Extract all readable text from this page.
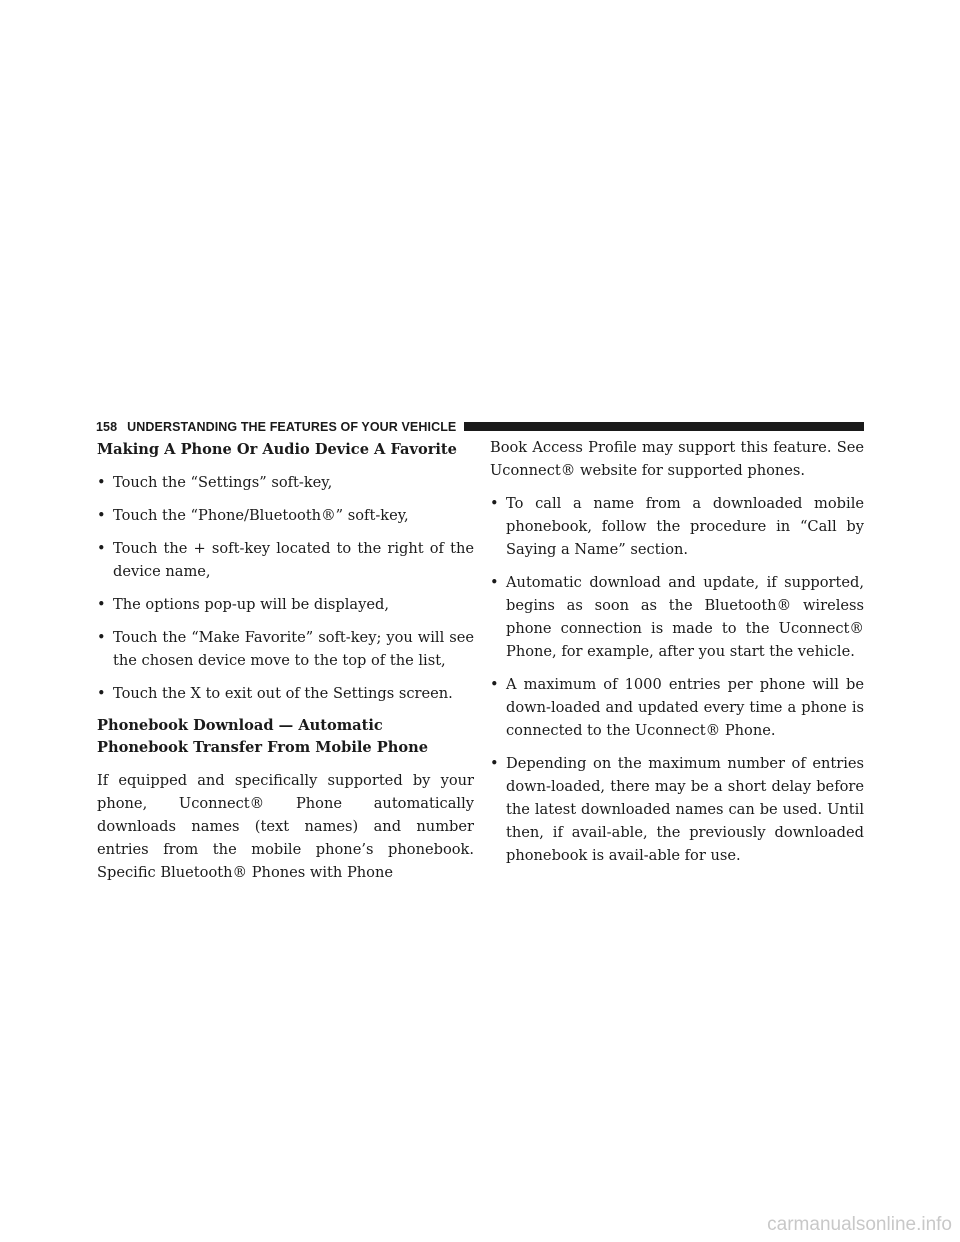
158 UNDERSTANDING THE FEATURES OF YOUR VEHICLE
Making A Phone Or Audio Device A Favorite
• Touch the “Settings” soft-key,
• Touch the “Phone/Bluetooth®” soft-key,
• Touch the + soft-key located to the right of the device name,
• The options pop-up will be displayed,
• Touch the “Make Favorite” soft-key; you will see the chosen device move to the top of the list,
• Touch the X to exit out of the Settings screen.
Phonebook Download — Automatic Phonebook Transfer From Mobile Phone
If equipped and specifically supported by your phone, Uconnect® Phone automatically downloads names (text names) and number entries from the mobile phone’s phonebook. Specific Bluetooth® Phones with Phone
Book Access Profile may support this feature. See Uconnect® website for supported phones.
• To call a name from a downloaded mobile phonebook, follow the procedure in “Call by Saying a Name” section.
• Automatic download and update, if supported, begins as soon as the Bluetooth® wireless phone connection is made to the Uconnect® Phone, for example, after you start the vehicle.
• A maximum of 1000 entries per phone will be down-loaded and updated every time a phone is connected to the Uconnect® Phone.
• Depending on the maximum number of entries down-loaded, there may be a short delay before the latest downloaded names can be used. Until then, if avail-able, the previously downloaded phonebook is avail-able for use.
carmanualsonline.info
